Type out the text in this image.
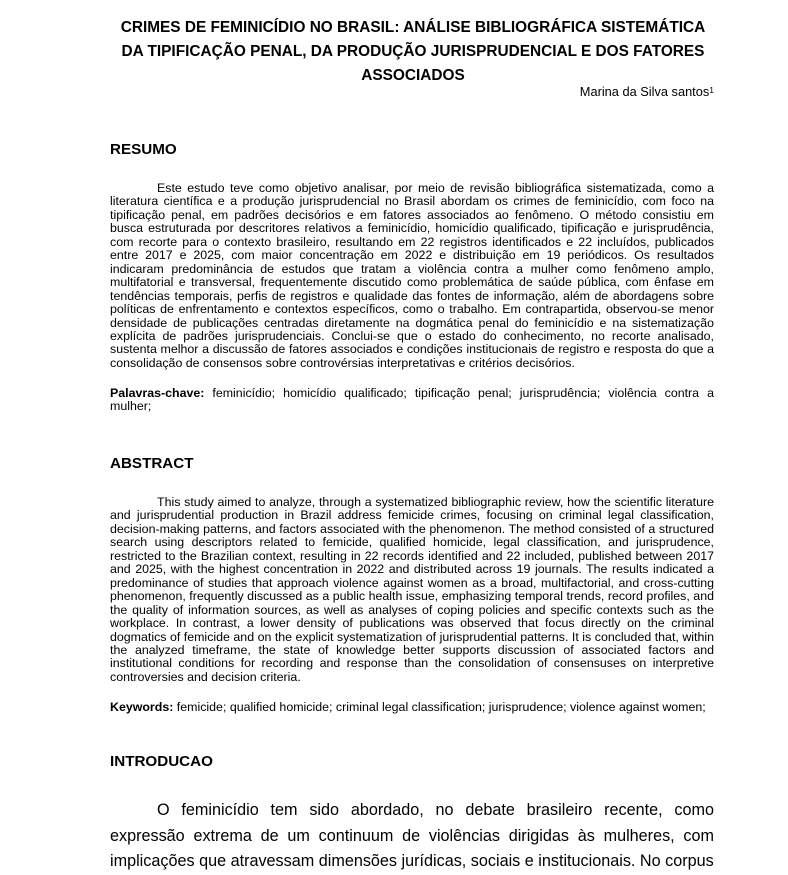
CRIMES DE FEMINICÍDIO NO BRASIL: ANÁLISE BIBLIOGRÁFICA SISTEMÁTICA DA TIPIFICAÇÃO PENAL, DA PRODUÇÃO JURISPRUDENCIAL E DOS FATORES ASSOCIADOS
Marina da Silva santos$^1$
RESUMO

Este estudo teve como objetivo analisar, por meio de revisão bibliográfica sistematizada, como a literatura científica e a produção jurisprudencial no Brasil abordam os crimes de feminicídio, com foco na tipificação penal, em padrões decisórios e em fatores associados ao fenômeno. O método consistiu em busca estruturada por descritores relativos a feminicídio, homicídio qualificado, tipificação e jurisprudência, com recorte para o contexto brasileiro, resultando em 22 registros identificados e 22 incluídos, publicados entre 2017 e 2025, com maior concentração em 2022 e distribuição em 19 periódicos. Os resultados indicaram predominância de estudos que tratam a violência contra a mulher como fenômeno amplo, multifatorial e transversal, frequentemente discutido como problemática de saúde pública, com ênfase em tendências temporais, perfis de registros e qualidade das fontes de informação, além de abordagens sobre políticas de enfrentamento e contextos específicos, como o trabalho. Em contrapartida, observou-se menor densidade de publicações centradas diretamente na dogmática penal do feminicídio e na sistematização explícita de padrões jurisprudenciais. Conclui-se que o estado do conhecimento, no recorte analisado, sustenta melhor a discussão de fatores associados e condições institucionais de registro e resposta do que a consolidação de consensos sobre controvérsias interpretativas e critérios decisórios.

Palavras-chave: feminicídio; homicídio qualificado; tipificação penal; jurisprudência; violência contra a mulher;
ABSTRACT

This study aimed to analyze, through a systematized bibliographic review, how the scientific literature and jurisprudential production in Brazil address femicide crimes, focusing on criminal legal classification, decision-making patterns, and factors associated with the phenomenon. The method consisted of a structured search using descriptors related to femicide, qualified homicide, legal classification, and jurisprudence, restricted to the Brazilian context, resulting in 22 records identified and 22 included, published between 2017 and 2025, with the highest concentration in 2022 and distributed across 19 journals. The results indicated a predominance of studies that approach violence against women as a broad, multifactorial, and cross-cutting phenomenon, frequently discussed as a public health issue, emphasizing temporal trends, record profiles, and the quality of information sources, as well as analyses of coping policies and specific contexts such as the workplace. In contrast, a lower density of publications was observed that focus directly on the criminal dogmatics of femicide and on the explicit systematization of jurisprudential patterns. It is concluded that, within the analyzed timeframe, the state of knowledge better supports discussion of associated factors and institutional conditions for recording and response than the consolidation of consensuses on interpretive controversies and decision criteria.

Keywords: femicide; qualified homicide; criminal legal classification; jurisprudence; violence against women;
INTRODUCAO

O feminicídio tem sido abordado, no debate brasileiro recente, como expressão extrema de um continuum de violências dirigidas às mulheres, com implicações que atravessam dimensões jurídicas, sociais e institucionais. No corpus
